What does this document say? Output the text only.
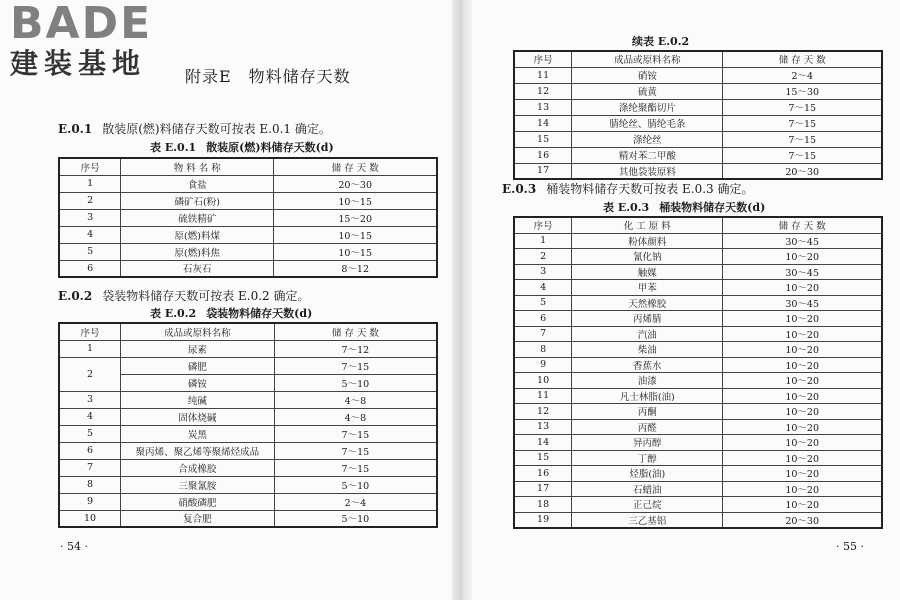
BADE
建装基地	附录E　物料储存天数
E.0.1 散装原(燃)料储存天数可按表 E.0.1 确定。
表 E.0.1 散装原(燃)料储存天数(d)
序号	物 料 名 称	储 存 天 数
1	食盐	20～30
2	磷矿石(粉)	10～15
3	硫铁精矿	15～20
4	原(燃)料煤	10～15
5	原(燃)料焦	10～15
6	石灰石	8～12
E.0.2 袋装物料储存天数可按表 E.0.2 确定。
表 E.0.2 袋装物料储存天数(d)
序号	成品或原料名称	储 存 天 数
1	尿素	7～12
2	磷肥	7～15
	磷铵	5～10
3	纯碱	4～8
4	固体烧碱	4～8
5	炭黑	7～15
6	聚丙烯、聚乙烯等聚烯烃成品	7～15
7	合成橡胶	7～15
8	三聚氰胺	5～10
9	硝酸磷肥	2～4
10	复合肥	5～10
· 54 ·
续表 E.0.2
序号	成品或原料名称	储 存 天 数
11	硝铵	2～4
12	硫黄	15～30
13	涤纶聚酯切片	7～15
14	腈纶丝、腈纶毛条	7～15
15	涤纶丝	7～15
16	精对苯二甲酸	7～15
17	其他袋装原料	20～30
E.0.3 桶装物料储存天数可按表 E.0.3 确定。
表 E.0.3 桶装物料储存天数(d)
序号	化 工 原 料	储 存 天 数
1	粉体颜料	30～45
2	氰化钠	10～20
3	触媒	30～45
4	甲苯	10～20
5	天然橡胶	30～45
6	丙烯腈	10～20
7	汽油	10～20
8	柴油	10～20
9	香蕉水	10～20
10	油漆	10～20
11	凡士林脂(油)	10～20
12	丙酮	10～20
13	丙醛	10～20
14	异丙醇	10～20
15	丁醇	10～20
16	烃脂(油)	10～20
17	石蜡油	10～20
18	正己烷	10～20
19	三乙基铝	20～30
· 55 ·
